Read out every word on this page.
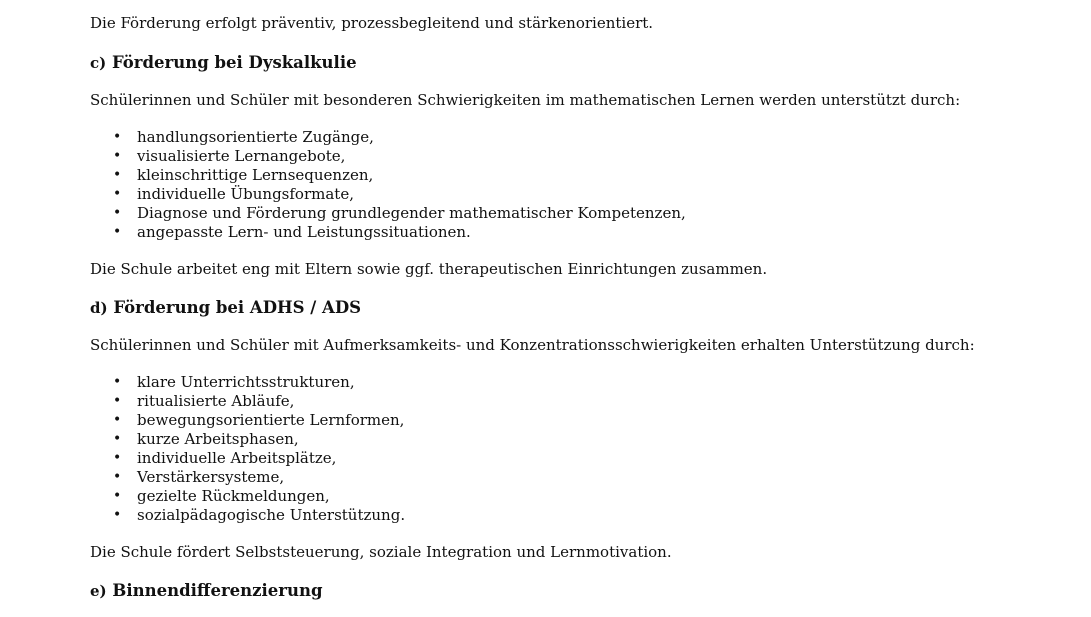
Die Förderung erfolgt präventiv, prozessbegleitend und stärkenorientiert.

c) Förderung bei Dyskalkulie

Schülerinnen und Schüler mit besonderen Schwierigkeiten im mathematischen Lernen werden unterstützt durch:

• handlungsorientierte Zugänge,
• visualisierte Lernangebote,
• kleinschrittige Lernsequenzen,
• individuelle Übungsformate,
• Diagnose und Förderung grundlegender mathematischer Kompetenzen,
• angepasste Lern- und Leistungssituationen.

Die Schule arbeitet eng mit Eltern sowie ggf. therapeutischen Einrichtungen zusammen.

d) Förderung bei ADHS / ADS

Schülerinnen und Schüler mit Aufmerksamkeits- und Konzentrationsschwierigkeiten erhalten Unterstützung durch:

• klare Unterrichtsstrukturen,
• ritualisierte Abläufe,
• bewegungsorientierte Lernformen,
• kurze Arbeitsphasen,
• individuelle Arbeitsplätze,
• Verstärkersysteme,
• gezielte Rückmeldungen,
• sozialpädagogische Unterstützung.

Die Schule fördert Selbststeuerung, soziale Integration und Lernmotivation.

e) Binnendifferenzierung
